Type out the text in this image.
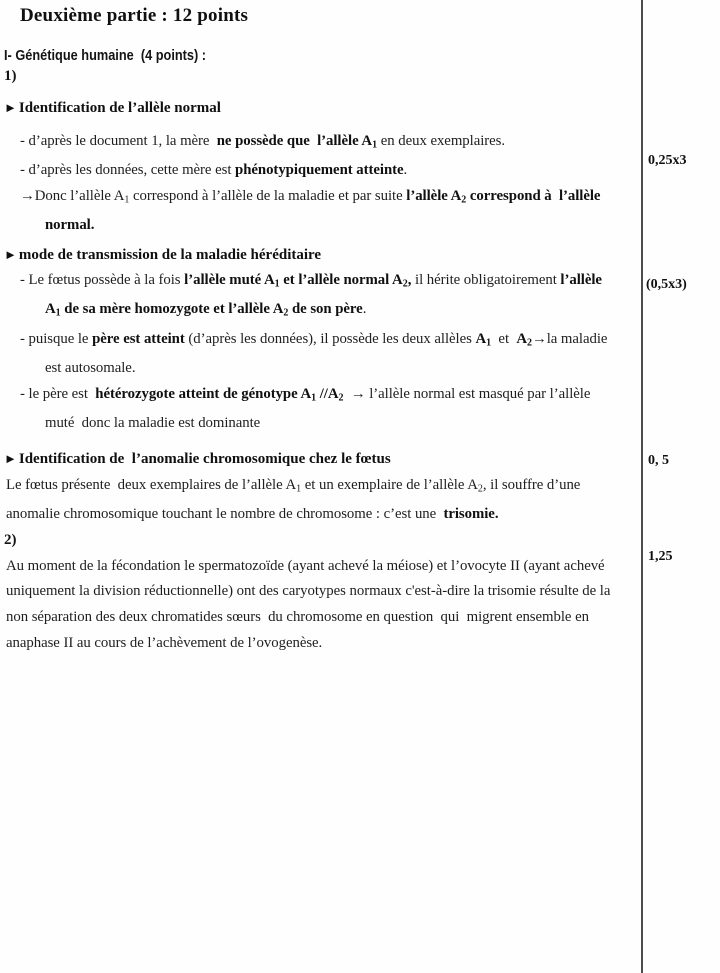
Deuxième partie : 12 points
I- Génétique humaine  (4 points) :
1)
► Identification de l’allèle normal
- d’après le document 1, la mère  ne possède que  l’allèle A1 en deux exemplaires.
- d’après les données, cette mère est phénotypiquement atteinte.
→Donc l’allèle A1 correspond à l’allèle de la maladie et par suite l’allèle A2 correspond à  l’allèle
normal.
► mode de transmission de la maladie héréditaire
- Le fœtus possède à la fois l’allèle muté A1 et l’allèle normal A2, il hérite obligatoirement l’allèle
A1 de sa mère homozygote et l’allèle A2 de son père.
- puisque le père est atteint (d’après les données), il possède les deux allèles A1  et  A2→la maladie
est autosomale.
- le père est  hétérozygote atteint de génotype A1 //A2  → l’allèle normal est masqué par l’allèle
muté  donc la maladie est dominante
► Identification de  l’anomalie chromosomique chez le fœtus
Le fœtus présente  deux exemplaires de l’allèle A1 et un exemplaire de l’allèle A2, il souffre d’une
anomalie chromosomique touchant le nombre de chromosome : c’est une  trisomie.
2)
Au moment de la fécondation le spermatozoïde (ayant achevé la méiose) et l’ovocyte II (ayant achevé
uniquement la division réductionnelle) ont des caryotypes normaux c'est-à-dire la trisomie résulte de la
non séparation des deux chromatides sœurs  du chromosome en question  qui  migrent ensemble en
anaphase II au cours de l’achèvement de l’ovogenèse.
0,25x3
(0,5x3)
0, 5
1,25
